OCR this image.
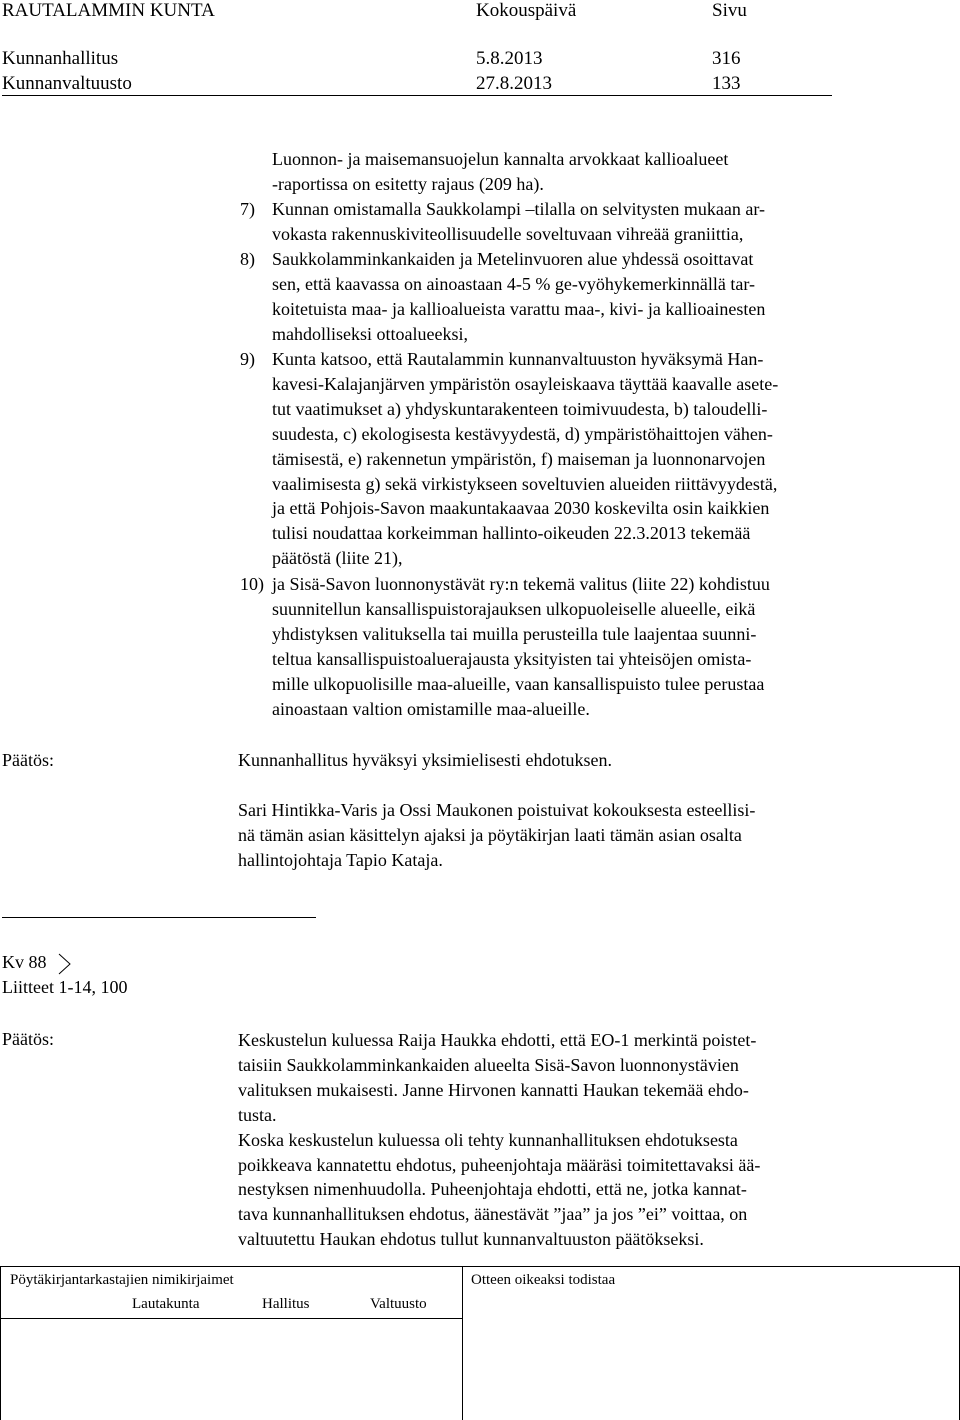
RAUTALAMMIN KUNTA	Kokouspäivä	Sivu
Kunnanhallitus	5.8.2013	316
Kunnanvaltuusto	27.8.2013	133
Luonnon- ja maisemansuojelun kannalta arvokkaat kallioalueet
-raportissa on esitetty rajaus (209 ha).
7) Kunnan omistamalla Saukkolampi –tilalla on selvitysten mukaan ar-
vokasta rakennuskiviteollisuudelle soveltuvaan vihreää graniittia,
8) Saukkolamminkankaiden ja Metelinvuoren alue yhdessä osoittavat
sen, että kaavassa on ainoastaan 4-5 % ge-vyöhykemerkinnällä tar-
koitetuista maa- ja kallioalueista varattu maa-, kivi- ja kallioainesten
mahdolliseksi ottoalueeksi,
9) Kunta katsoo, että Rautalammin kunnanvaltuuston hyväksymä Han-
kavesi-Kalajanjärven ympäristön osayleiskaava täyttää kaavalle asete-
tut vaatimukset a) yhdyskuntarakenteen toimivuudesta, b) taloudelli-
suudesta, c) ekologisesta kestävyydestä, d) ympäristöhaittojen vähen-
tämisestä, e) rakennetun ympäristön, f) maiseman ja luonnonarvojen
vaalimisesta g) sekä virkistykseen soveltuvien alueiden riittävyydestä,
ja että Pohjois-Savon maakuntakaavaa 2030 koskevilta osin kaikkien
tulisi noudattaa korkeimman hallinto-oikeuden 22.3.2013 tekemää
päätöstä (liite 21),
10) ja Sisä-Savon luonnonystävät ry:n tekemä valitus (liite 22) kohdistuu
suunnitellun kansallispuistorajauksen ulkopuoleiselle alueelle, eikä
yhdistyksen valituksella tai muilla perusteilla tule laajentaa suunni-
teltua kansallispuistoaluerajausta yksityisten tai yhteisöjen omista-
mille ulkopuolisille maa-alueille, vaan kansallispuisto tulee perustaa
ainoastaan valtion omistamille maa-alueille.
Päätös:	Kunnanhallitus hyväksyi yksimielisesti ehdotuksen.
Sari Hintikka-Varis ja Ossi Maukonen poistuivat kokouksesta esteellisi-
nä tämän asian käsittelyn ajaksi ja pöytäkirjan laati tämän asian osalta
hallintojohtaja Tapio Kataja.
Kv 88
Liitteet 1-14, 100
Päätös:	Keskustelun kuluessa Raija Haukka ehdotti, että EO-1 merkintä poistet-
taisiin Saukkolamminkankaiden alueelta Sisä-Savon luonnonystävien
valituksen mukaisesti. Janne Hirvonen kannatti Haukan tekemää ehdo-
tusta.
Koska keskustelun kuluessa oli tehty kunnanhallituksen ehdotuksesta
poikkeava kannatettu ehdotus, puheenjohtaja määräsi toimitettavaksi ää-
nestyksen nimenhuudolla. Puheenjohtaja ehdotti, että ne, jotka kannat-
tava kunnanhallituksen ehdotus, äänestävät ”jaa” ja jos ”ei” voittaa, on
valtuutettu Haukan ehdotus tullut kunnanvaltuuston päätökseksi.
Pöytäkirjantarkastajien nimikirjaimet
Lautakunta	Hallitus	Valtuusto
Otteen oikeaksi todistaa
